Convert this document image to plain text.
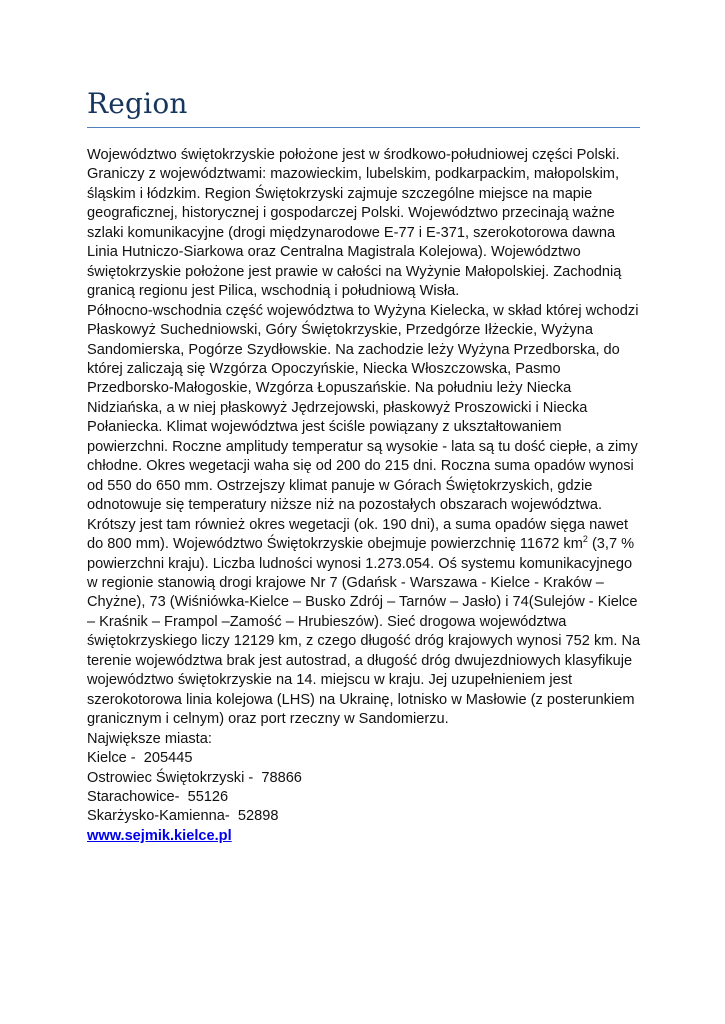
Region

Województwo świętokrzyskie położone jest w środkowo-południowej części Polski. Graniczy z województwami: mazowieckim, lubelskim, podkarpackim, małopolskim, śląskim i łódzkim. Region Świętokrzyski zajmuje szczególne miejsce na mapie geograficznej, historycznej i gospodarczej Polski. Województwo przecinają ważne szlaki komunikacyjne (drogi międzynarodowe E-77 i E-371, szerokotorowa dawna Linia Hutniczo-Siarkowa oraz Centralna Magistrala Kolejowa). Województwo świętokrzyskie położone jest prawie w całości na Wyżynie Małopolskiej. Zachodnią granicą regionu jest Pilica, wschodnią i południową Wisła.

Północno-wschodnia część województwa to Wyżyna Kielecka, w skład której wchodzi Płaskowyż Suchedniowski, Góry Świętokrzyskie, Przedgórze Iłżeckie, Wyżyna Sandomierska, Pogórze Szydłowskie. Na zachodzie leży Wyżyna Przedborska, do której zaliczają się Wzgórza Opoczyńskie, Niecka Włoszczowska, Pasmo Przedborsko-Małogoskie, Wzgórza Łopuszańskie. Na południu leży Niecka Nidziańska, a w niej płaskowyż Jędrzejowski, płaskowyż Proszowicki i Niecka Połaniecka. Klimat województwa jest ściśle powiązany z ukształtowaniem powierzchni. Roczne amplitudy temperatur są wysokie - lata są tu dość ciepłe, a zimy chłodne. Okres wegetacji waha się od 200 do 215 dni. Roczna suma opadów wynosi od 550 do 650 mm. Ostrzejszy klimat panuje w Górach Świętokrzyskich, gdzie odnotowuje się temperatury niższe niż na pozostałych obszarach województwa. Krótszy jest tam również okres wegetacji (ok. 190 dni), a suma opadów sięga nawet do 800 mm). Województwo Świętokrzyskie obejmuje powierzchnię 11672 $km^2$ (3,7 % powierzchni kraju). Liczba ludności wynosi 1.273.054. Oś systemu komunikacyjnego w regionie stanowią drogi krajowe Nr 7 (Gdańsk - Warszawa - Kielce - Kraków – Chyżne), 73 (Wiśniówka-Kielce – Busko Zdrój – Tarnów – Jasło) i 74(Sulejów - Kielce – Kraśnik – Frampol –Zamość – Hrubieszów). Sieć drogowa województwa świętokrzyskiego liczy 12129 km, z czego długość dróg krajowych wynosi 752 km. Na terenie województwa brak jest autostrad, a długość dróg dwujezdniowych klasyfikuje województwo świętokrzyskie na 14. miejscu w kraju. Jej uzupełnieniem jest szerokotorowa linia kolejowa (LHS) na Ukrainę, lotnisko w Masłowie (z posterunkiem granicznym i celnym) oraz port rzeczny w Sandomierzu.

Największe miasta:

Kielce -  205445
Ostrowiec Świętokrzyski -  78866
Starachowice-  55126
Skarżysko-Kamienna-  52898

www.sejmik.kielce.pl
